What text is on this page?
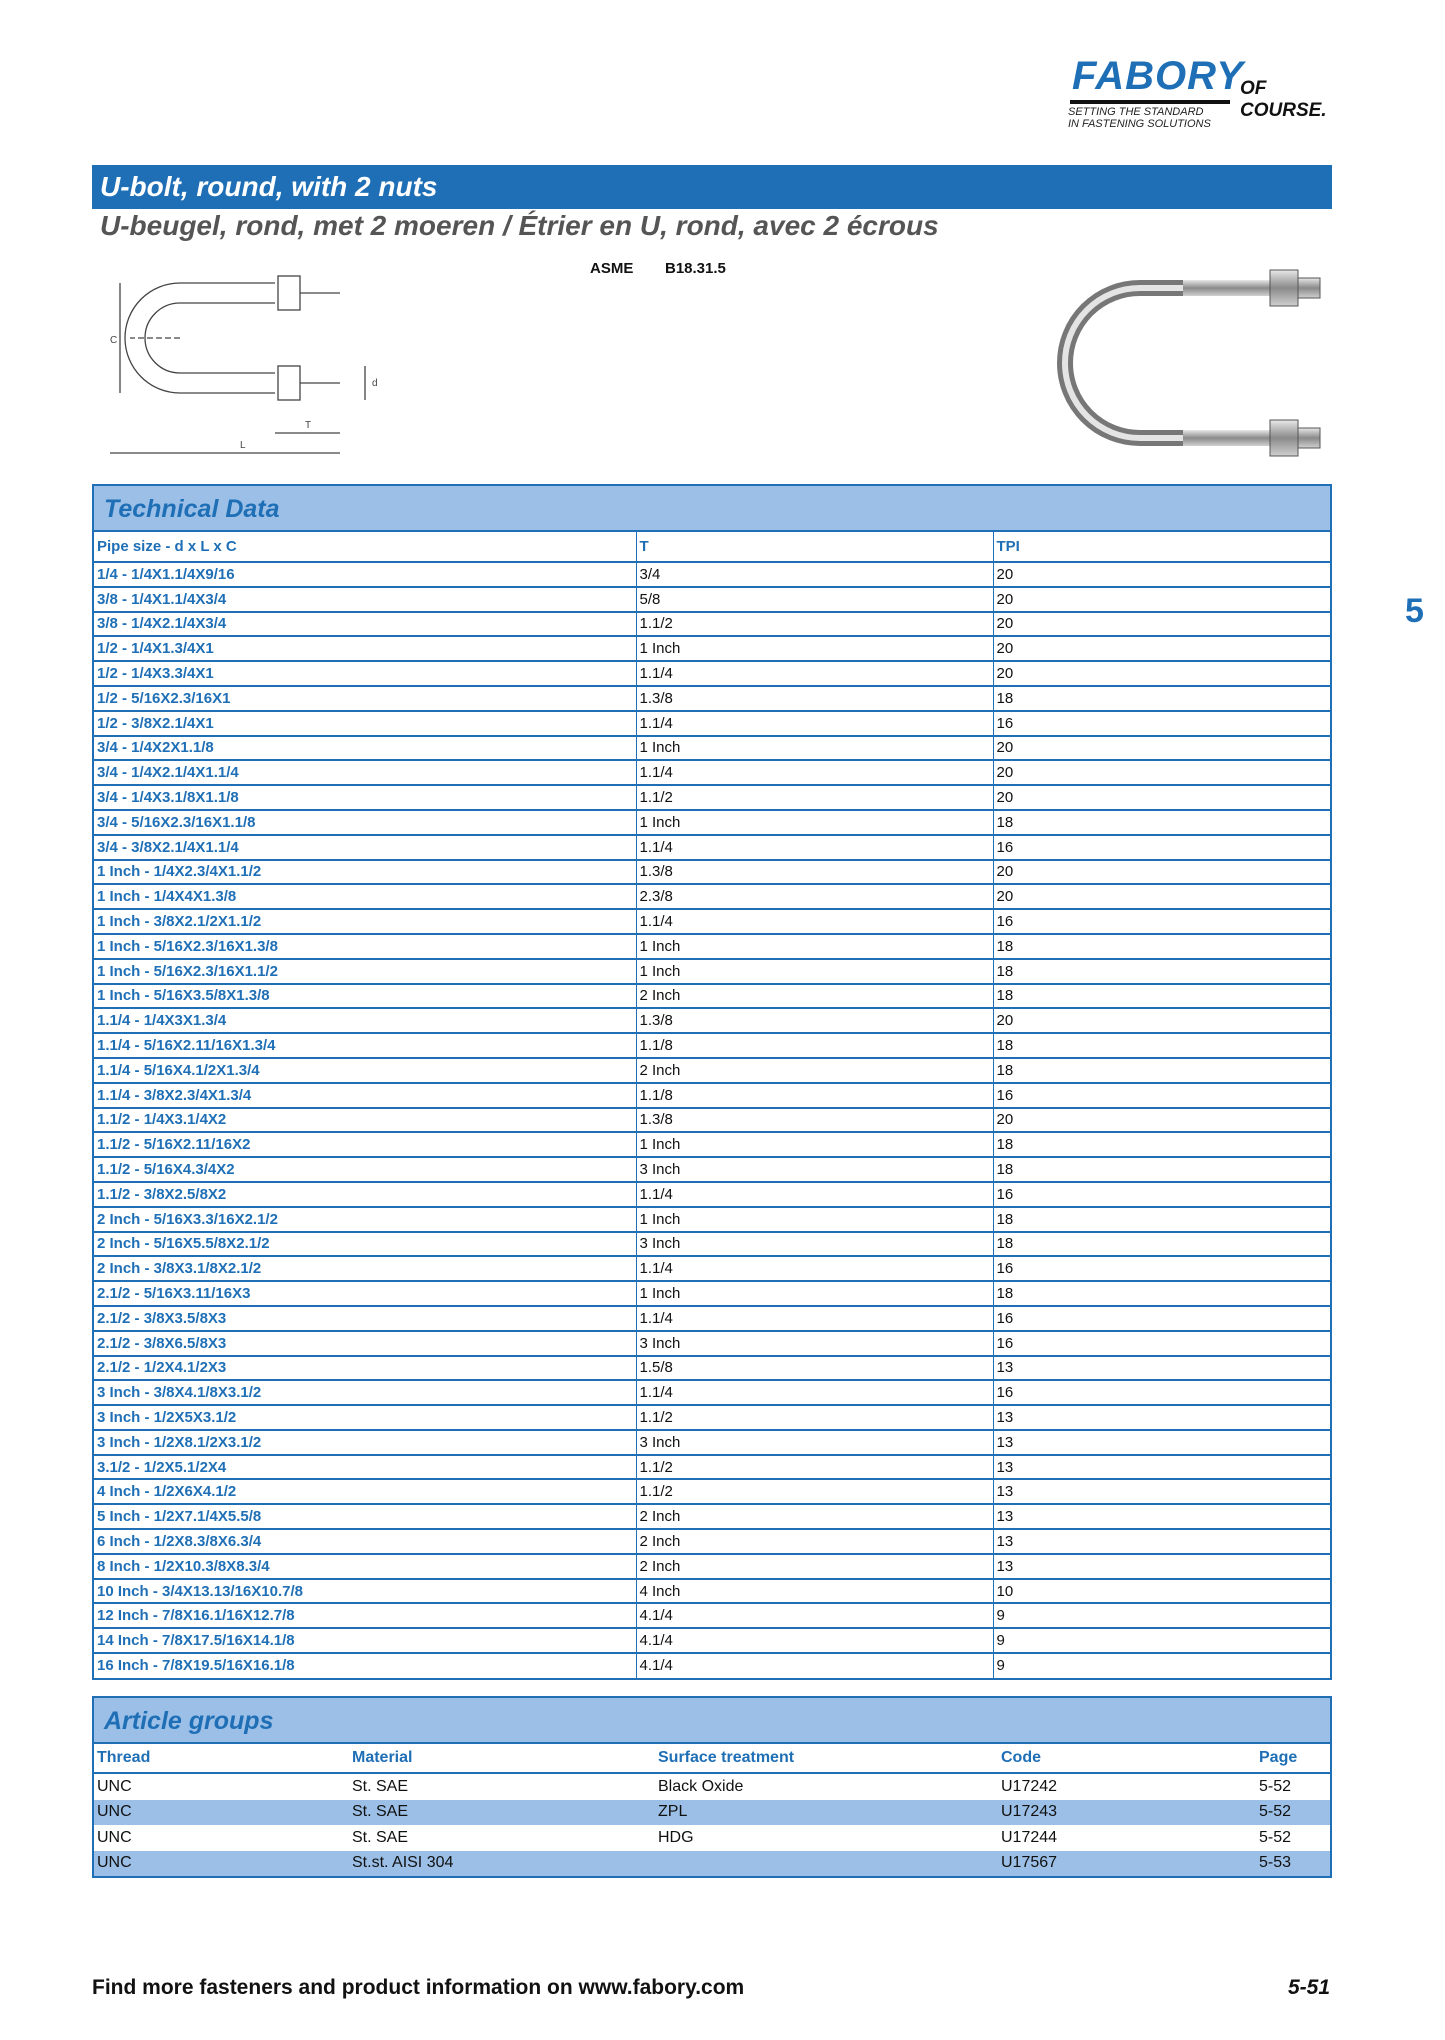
FABORY
OF COURSE.
SETTING THE STANDARD
IN FASTENING SOLUTIONS
U-bolt, round, with 2 nuts
U-beugel, rond, met 2 moeren / Étrier en U, rond, avec 2 écrous
ASME B18.31.5
C
d
T
L
Technical Data
Pipe size - d x L x C	T	TPI
1/4 - 1/4X1.1/4X9/16	3/4	20
3/8 - 1/4X1.1/4X3/4	5/8	20
3/8 - 1/4X2.1/4X3/4	1.1/2	20
1/2 - 1/4X1.3/4X1	1 Inch	20
1/2 - 1/4X3.3/4X1	1.1/4	20
1/2 - 5/16X2.3/16X1	1.3/8	18
1/2 - 3/8X2.1/4X1	1.1/4	16
3/4 - 1/4X2X1.1/8	1 Inch	20
3/4 - 1/4X2.1/4X1.1/4	1.1/4	20
3/4 - 1/4X3.1/8X1.1/8	1.1/2	20
3/4 - 5/16X2.3/16X1.1/8	1 Inch	18
3/4 - 3/8X2.1/4X1.1/4	1.1/4	16
1 Inch - 1/4X2.3/4X1.1/2	1.3/8	20
1 Inch - 1/4X4X1.3/8	2.3/8	20
1 Inch - 3/8X2.1/2X1.1/2	1.1/4	16
1 Inch - 5/16X2.3/16X1.3/8	1 Inch	18
1 Inch - 5/16X2.3/16X1.1/2	1 Inch	18
1 Inch - 5/16X3.5/8X1.3/8	2 Inch	18
1.1/4 - 1/4X3X1.3/4	1.3/8	20
1.1/4 - 5/16X2.11/16X1.3/4	1.1/8	18
1.1/4 - 5/16X4.1/2X1.3/4	2 Inch	18
1.1/4 - 3/8X2.3/4X1.3/4	1.1/8	16
1.1/2 - 1/4X3.1/4X2	1.3/8	20
1.1/2 - 5/16X2.11/16X2	1 Inch	18
1.1/2 - 5/16X4.3/4X2	3 Inch	18
1.1/2 - 3/8X2.5/8X2	1.1/4	16
2 Inch - 5/16X3.3/16X2.1/2	1 Inch	18
2 Inch - 5/16X5.5/8X2.1/2	3 Inch	18
2 Inch - 3/8X3.1/8X2.1/2	1.1/4	16
2.1/2 - 5/16X3.11/16X3	1 Inch	18
2.1/2 - 3/8X3.5/8X3	1.1/4	16
2.1/2 - 3/8X6.5/8X3	3 Inch	16
2.1/2 - 1/2X4.1/2X3	1.5/8	13
3 Inch - 3/8X4.1/8X3.1/2	1.1/4	16
3 Inch - 1/2X5X3.1/2	1.1/2	13
3 Inch - 1/2X8.1/2X3.1/2	3 Inch	13
3.1/2 - 1/2X5.1/2X4	1.1/2	13
4 Inch - 1/2X6X4.1/2	1.1/2	13
5 Inch - 1/2X7.1/4X5.5/8	2 Inch	13
6 Inch - 1/2X8.3/8X6.3/4	2 Inch	13
8 Inch - 1/2X10.3/8X8.3/4	2 Inch	13
10 Inch - 3/4X13.13/16X10.7/8	4 Inch	10
12 Inch - 7/8X16.1/16X12.7/8	4.1/4	9
14 Inch - 7/8X17.5/16X14.1/8	4.1/4	9
16 Inch - 7/8X19.5/16X16.1/8	4.1/4	9
Article groups
Thread	Material	Surface treatment	Code	Page
UNC	St. SAE	Black Oxide	U17242	5-52
UNC	St. SAE	ZPL	U17243	5-52
UNC	St. SAE	HDG	U17244	5-52
UNC	St.st. AISI 304		U17567	5-53
5
Find more fasteners and product information on www.fabory.com	5-51
